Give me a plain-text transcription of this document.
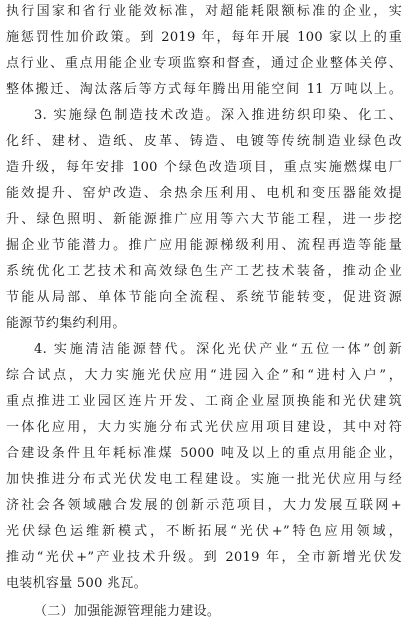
执行国家和省行业能效标准，对超能耗限额标准的企业，实
施惩罚性加价政策。到 2019 年，每年开展 100 家以上的重
点行业、重点用能企业专项监察和督查，通过企业整体关停、
整体搬迁、淘汰落后等方式每年腾出用能空间 11 万吨以上。
3. 实施绿色制造技术改造。深入推进纺织印染、化工、
化纤、建材、造纸、皮革、铸造、电镀等传统制造业绿色改
造升级，每年安排 100 个绿色改造项目，重点实施燃煤电厂
能效提升、窑炉改造、余热余压利用、电机和变压器能效提
升、绿色照明、新能源推广应用等六大节能工程，进一步挖
掘企业节能潜力。推广应用能源梯级利用、流程再造等能量
系统优化工艺技术和高效绿色生产工艺技术装备，推动企业
节能从局部、单体节能向全流程、系统节能转变，促进资源
能源节约集约利用。
4. 实施清洁能源替代。深化光伏产业“五位一体”创新
综合试点，大力实施光伏应用“进园入企”和“进村入户”，
重点推进工业园区连片开发、工商企业屋顶换能和光伏建筑
一体化应用，大力实施分布式光伏应用项目建设，其中对符
合建设条件且年耗标准煤 5000 吨及以上的重点用能企业，
加快推进分布式光伏发电工程建设。实施一批光伏应用与经
济社会各领域融合发展的创新示范项目，大力发展互联网+
光伏绿色运维新模式，不断拓展“光伏+”特色应用领域，
推动“光伏+”产业技术升级。到 2019 年，全市新增光伏发
电装机容量 500 兆瓦。
（二）加强能源管理能力建设。
